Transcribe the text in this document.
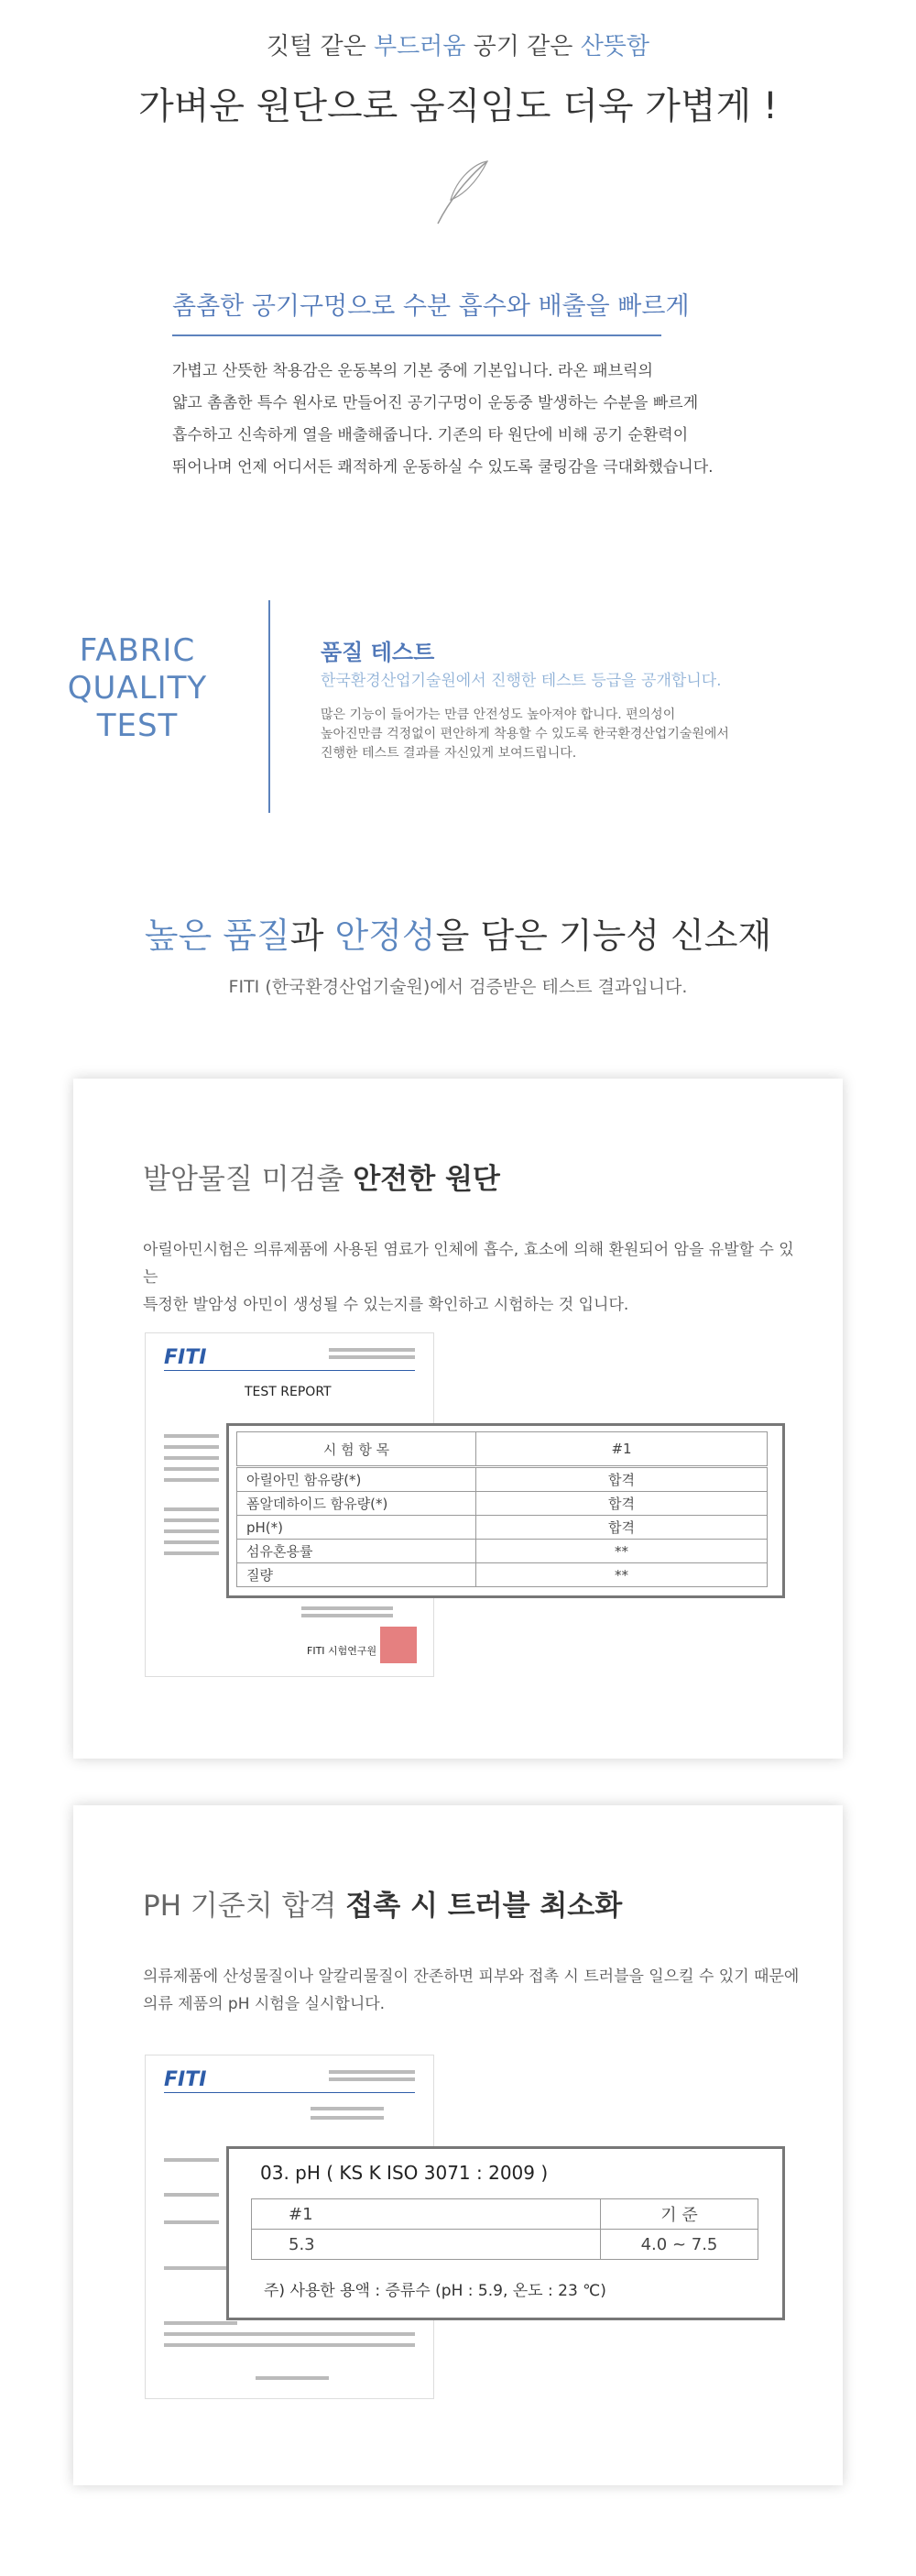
깃털 같은 부드러움 공기 같은 산뜻함
가벼운 원단으로 움직임도 더욱 가볍게 !
촘촘한 공기구멍으로 수분 흡수와 배출을 빠르게
가볍고 산뜻한 착용감은 운동복의 기본 중에 기본입니다. 라온 패브릭의
얇고 촘촘한 특수 원사로 만들어진 공기구멍이 운동중 발생하는 수분을 빠르게
흡수하고 신속하게 열을 배출해줍니다. 기존의 타 원단에 비해 공기 순환력이
뛰어나며 언제 어디서든 쾌적하게 운동하실 수 있도록 쿨링감을 극대화했습니다.
FABRIC
QUALITY
TEST
품질 테스트
한국환경산업기술원에서 진행한 테스트 등급을 공개합니다.
많은 기능이 들어가는 만큼 안전성도 높아져야 합니다. 편의성이
높아진만큼 걱정없이 편안하게 착용할 수 있도록 한국환경산업기술원에서
진행한 테스트 결과를 자신있게 보여드립니다.
높은 품질과 안정성을 담은 기능성 신소재
FITI (한국환경산업기술원)에서 검증받은 테스트 결과입니다.
발암물질 미검출 안전한 원단
아릴아민시험은 의류제품에 사용된 염료가 인체에 흡수, 효소에 의해 환원되어 암을 유발할 수 있는
특정한 발암성 아민이 생성될 수 있는지를 확인하고 시험하는 것 입니다.
FITI
TEST REPORT
FITI 시험연구원
시 험 항 목	#1
아릴아민 함유량(*)	합격
폼알데하이드 함유량(*)	합격
pH(*)	합격
섬유혼용률	**
질량	**
PH 기준치 합격 접촉 시 트러블 최소화
의류제품에 산성물질이나 알칼리물질이 잔존하면 피부와 접촉 시 트러블을 일으킬 수 있기 때문에
의류 제품의 pH 시험을 실시합니다.
FITI
03. pH ( KS K ISO 3071 : 2009 )
#1	기 준
5.3	4.0 ~ 7.5
주) 사용한 용액 : 증류수 (pH : 5.9, 온도 : 23 ℃)
